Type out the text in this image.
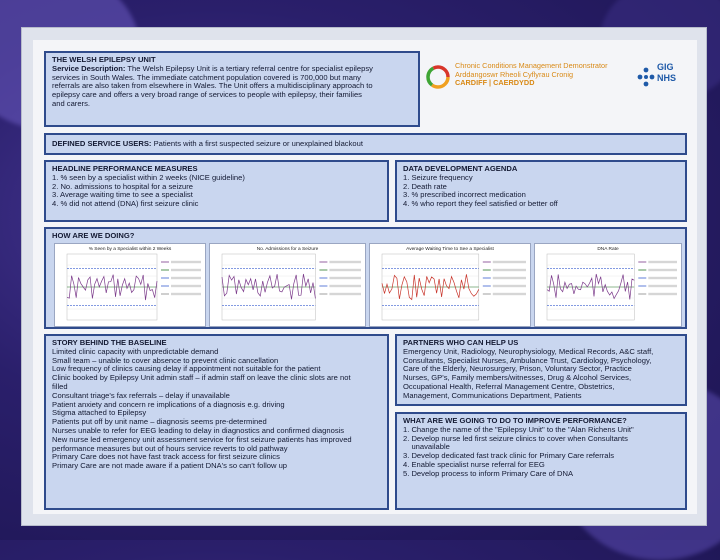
THE WELSH EPILEPSY UNIT
Service Description: The Welsh Epilepsy Unit is a tertiary referral centre for specialist epilepsy
services in South Wales. The immediate catchment population covered is 700,000 but many
referrals are also taken from elsewhere in Wales. The Unit offers a multidisciplinary approach to
epilepsy care and offers a very broad range of services to people with epilepsy, their families
and carers.
Chronic Conditions Management Demonstrator
Arddangoswr Rheoli Cyflyrau Cronig
CARDIFF | CAERDYDD
GIG
NHS
DEFINED SERVICE USERS: Patients with a first suspected seizure or unexplained blackout
HEADLINE PERFORMANCE MEASURES
1. % seen by a specialist within 2 weeks (NICE guideline)
2. No. admissions to hospital for a seizure
3. Average waiting time to see a specialist
4. % did not attend (DNA) first seizure clinic
DATA DEVELOPMENT AGENDA
1. Seizure frequency
2. Death rate
3. % prescribed incorrect medication
4. % who report they feel satisfied or better off
HOW ARE WE DOING?
% Seen by a Specialist within 2 Weeks	No. Admissions for a Seizure	Average Waiting Time to See a Specialist	DNA Rate
STORY BEHIND THE BASELINE
Limited clinic capacity with unpredictable demand
Small team – unable to cover absence to prevent clinic cancellation
Low frequency of clinics causing delay if appointment not suitable for the patient
Clinic booked by Epilepsy Unit admin staff – if admin staff on leave the clinic slots are not
filled
Consultant triage's fax referrals – delay if unavailable
Patient anxiety and concern re implications of a diagnosis e.g. driving
Stigma attached to Epilepsy
Patients put off by unit name – diagnosis seems pre-determined
Nurses unable to refer for EEG leading to delay in diagnostics and confirmed diagnosis
New nurse led emergency unit assessment service for first seizure patients has improved
performance measures but out of hours service reverts to old pathway
Primary Care does not have fast track access for first seizure clinics
Primary Care are not made aware if a patient DNA's so can't follow up
PARTNERS WHO CAN HELP US
Emergency Unit, Radiology, Neurophysiology, Medical Records, A&C staff,
Consultants, Specialist Nurses, Ambulance Trust, Cardiology, Psychology,
Care of the Elderly, Neurosurgery, Prison, Voluntary Sector, Practice
Nurses, GP's, Family members/witnesses, Drug & Alcohol Services,
Occupational Health, Referral Management Centre, Obstetrics,
Management, Communications Department, Patients
WHAT ARE WE GOING TO DO TO IMPROVE PERFORMANCE?
1. Change the name of the "Epilepsy Unit" to the "Alan Richens Unit"
2. Develop nurse led first seizure clinics to cover when Consultants
unavailable
3. Develop dedicated fast track clinic for Primary Care referrals
4. Enable specialist nurse referral for EEG
5. Develop process to inform Primary Care of DNA
